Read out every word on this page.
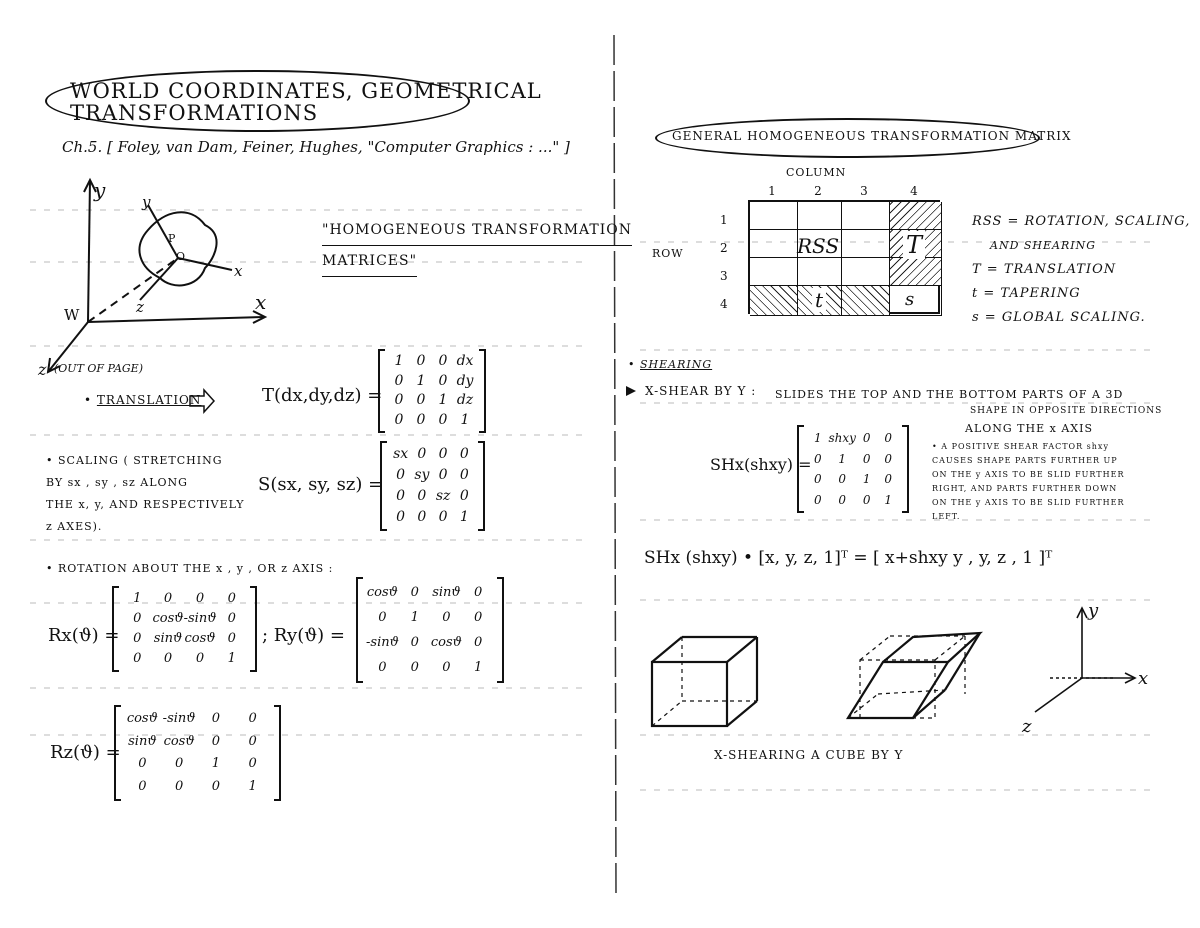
WORLD COORDINATES, GEOMETRICAL
TRANSFORMATIONS
Ch.5. [ Foley, van Dam, Feiner, Hughes, "Computer Graphics : ..." ]
y
x
W
z (OUT OF PAGE)
y
x
z
P
O
"HOMOGENEOUS TRANSFORMATION
MATRICES"
• TRANSLATION	T(dx,dy,dz) =
1 0 0 dx
0 1 0 dy
0 0 1 dz
0 0 0 1
• SCALING ( STRETCHING
BY sx , sy , sz ALONG
THE x, y, AND RESPECTIVELY
z AXES).
S(sx, sy, sz) =
sx 0 0 0
0 sy 0 0
0 0 sz 0
0 0 0 1
• ROTATION ABOUT THE x , y , OR z AXIS :
Rx(ϑ) =
1	0	0	0
0 cosϑ -sinϑ 0
0 sinϑ cosϑ 0
0	0	0	1
; Ry(ϑ) =
cosϑ 0	sinϑ	0
0	1	0	0
-sinϑ 0 cosϑ 0
0	0	0	1
Rz(ϑ) =
cosϑ -sinϑ	0	0
sinϑ cosϑ	0	0
0	0	1	0
0	0	0	1
GENERAL HOMOGENEOUS TRANSFORMATION MATRIX
COLUMN
1	2	3	4
ROW
1
2
3
4
RSS	T
t	s
RSS = ROTATION, SCALING,
AND SHEARING
T = TRANSLATION
t = TAPERING
s = GLOBAL SCALING.
• SHEARING
X-SHEAR BY Y : SLIDES THE TOP AND THE BOTTOM PARTS OF A 3D
SHAPE IN OPPOSITE DIRECTIONS
ALONG THE x AXIS
SHx(shxy) =
1 shxy 0	0
0	1	0	0
0	0	1	0
0	0	0	1
• A POSITIVE SHEAR FACTOR shxy
CAUSES SHAPE PARTS FURTHER UP
ON THE y AXIS TO BE SLID FURTHER
RIGHT, AND PARTS FURTHER DOWN
ON THE y AXIS TO BE SLID FURTHER
LEFT.
SHx (shxy) • [x, y, z, 1]ᵀ = [ x+shxy y , y, z , 1 ]ᵀ
y
x
z
X-SHEARING A CUBE BY Y
